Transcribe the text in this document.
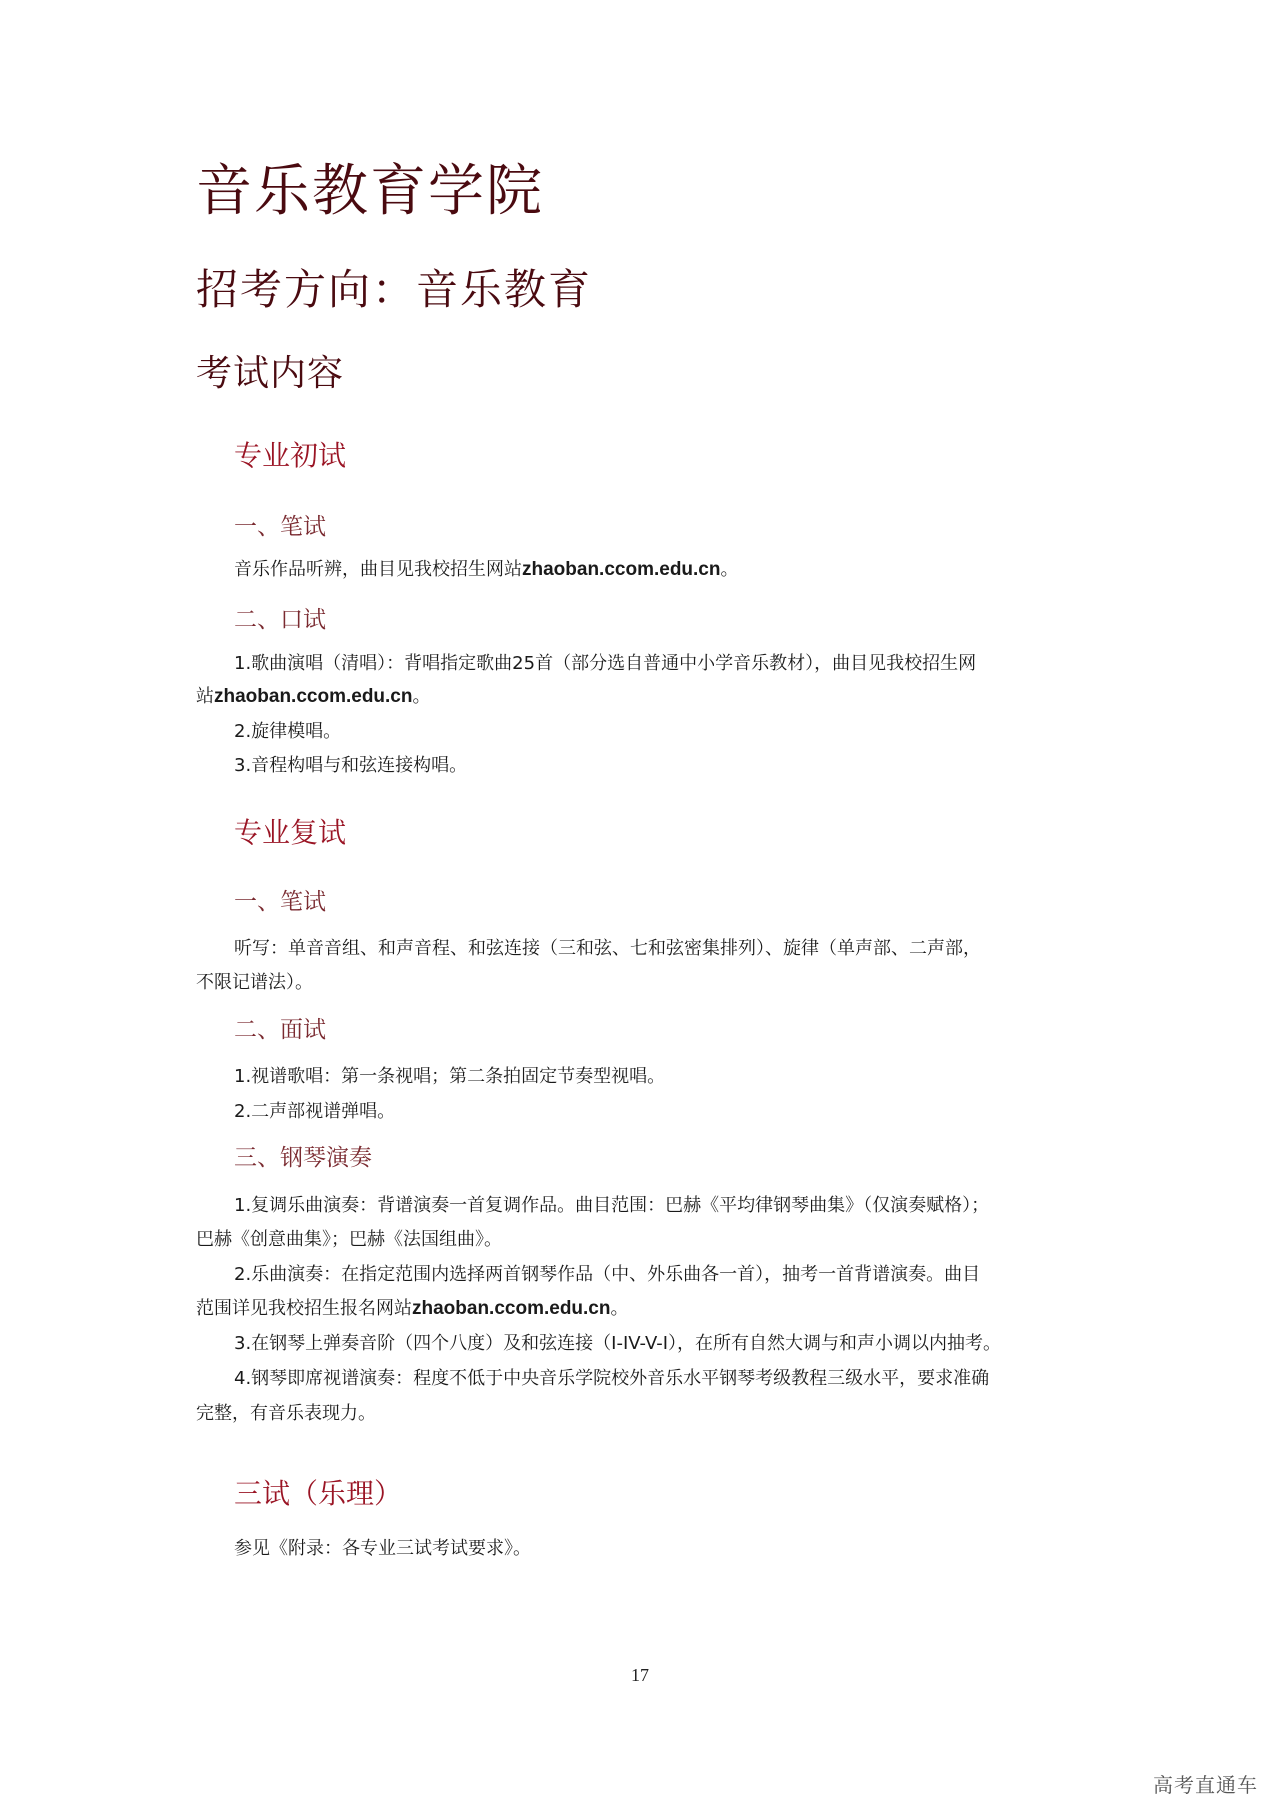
音乐教育学院
招考方向：音乐教育
考试内容
专业初试
一、笔试
音乐作品听辨，曲目见我校招生网站zhaoban.ccom.edu.cn。
二、口试
1.歌曲演唱（清唱）：背唱指定歌曲25首（部分选自普通中小学音乐教材），曲目见我校招生网
站zhaoban.ccom.edu.cn。
2.旋律模唱。
3.音程构唱与和弦连接构唱。
专业复试
一、笔试
听写：单音音组、和声音程、和弦连接（三和弦、七和弦密集排列）、旋律（单声部、二声部，
不限记谱法）。
二、面试
1.视谱歌唱：第一条视唱；第二条拍固定节奏型视唱。
2.二声部视谱弹唱。
三、钢琴演奏
1.复调乐曲演奏：背谱演奏一首复调作品。曲目范围：巴赫《平均律钢琴曲集》（仅演奏赋格）；
巴赫《创意曲集》；巴赫《法国组曲》。
2.乐曲演奏：在指定范围内选择两首钢琴作品（中、外乐曲各一首），抽考一首背谱演奏。曲目
范围详见我校招生报名网站zhaoban.ccom.edu.cn。
3.在钢琴上弹奏音阶（四个八度）及和弦连接（I-IV-V-I），在所有自然大调与和声小调以内抽考。
4.钢琴即席视谱演奏：程度不低于中央音乐学院校外音乐水平钢琴考级教程三级水平，要求准确
完整，有音乐表现力。
三试（乐理）
参见《附录：各专业三试考试要求》。
17
高考直通车
